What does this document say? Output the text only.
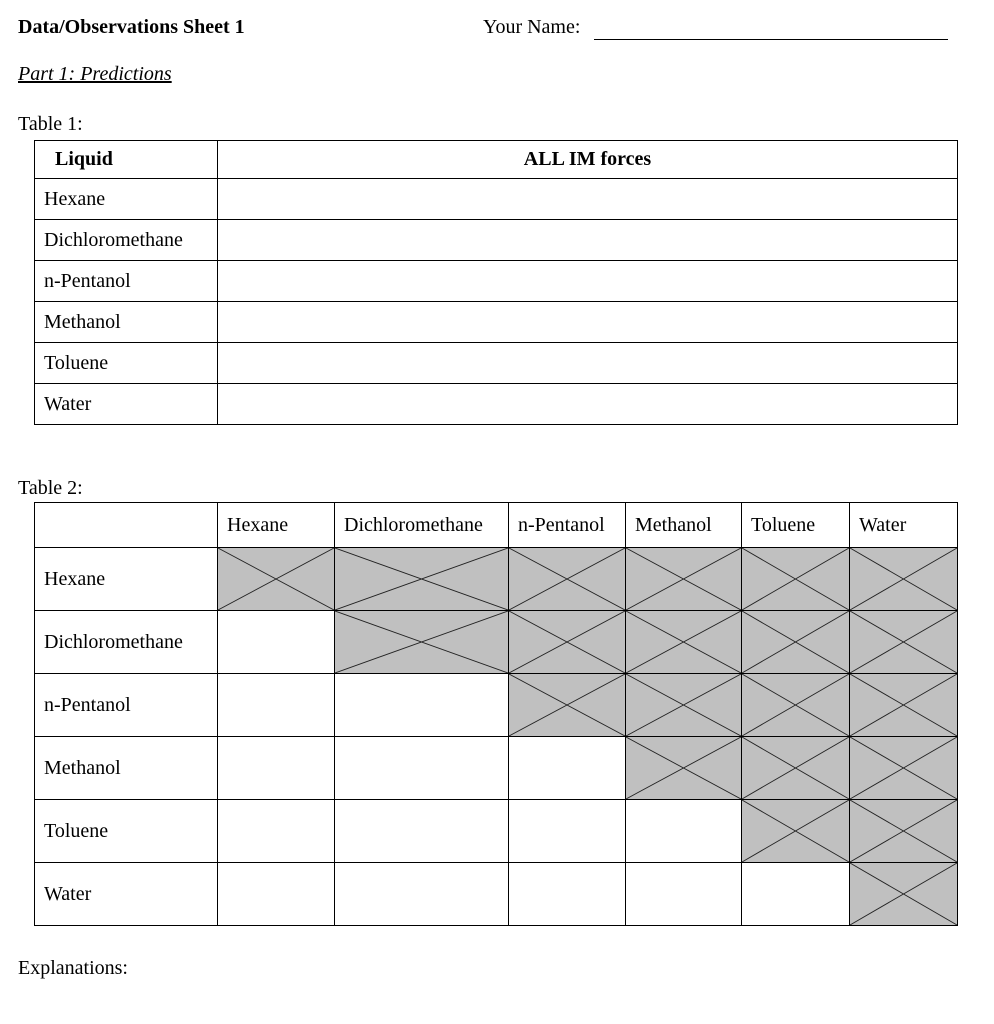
Data/Observations Sheet 1	Your Name:
Part 1: Predictions
Table 1:
Liquid	ALL IM forces
Hexane	
Dichloromethane	
n-Pentanol	
Methanol	
Toluene	
Water	
Table 2:
	Hexane	Dichloromethane	n-Pentanol	Methanol	Toluene	Water
Hexane						
Dichloromethane						
n-Pentanol						
Methanol						
Toluene						
Water						
Explanations:
